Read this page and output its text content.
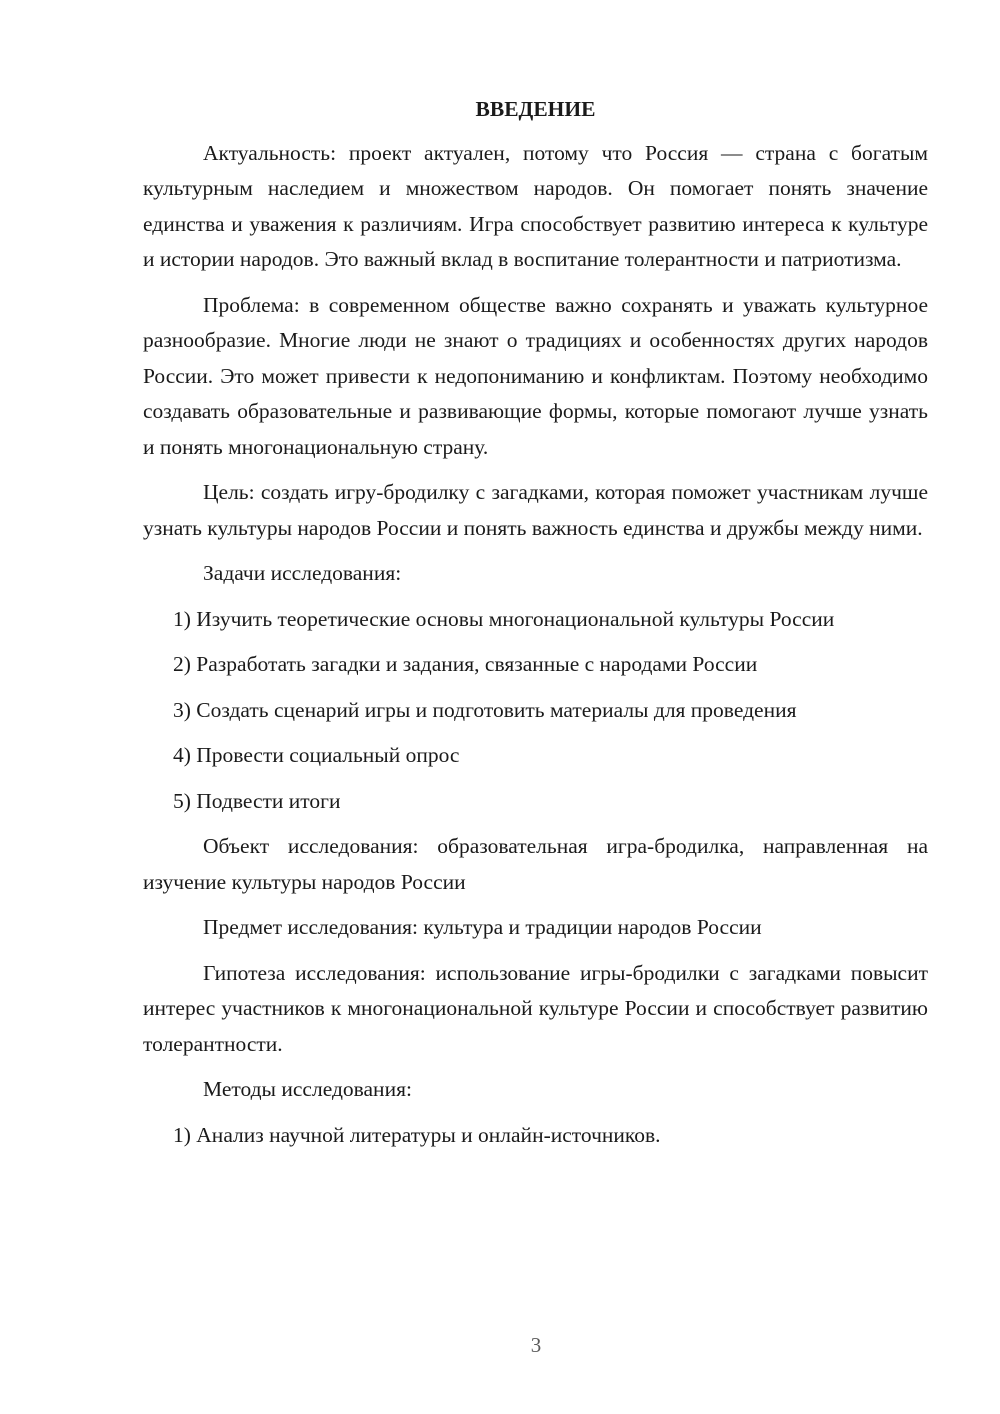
ВВЕДЕНИЕ

Актуальность: проект актуален, потому что Россия — страна с богатым культурным наследием и множеством народов. Он помогает понять значение единства и уважения к различиям. Игра способствует развитию интереса к культуре и истории народов. Это важный вклад в воспитание толерантности и патриотизма.

Проблема: в современном обществе важно сохранять и уважать культурное разнообразие. Многие люди не знают о традициях и особенностях других народов России. Это может привести к недопониманию и конфликтам. Поэтому необходимо создавать образовательные и развивающие формы, которые помогают лучше узнать и понять многонациональную страну.

Цель: создать игру-бродилку с загадками, которая поможет участникам лучше узнать культуры народов России и понять важность единства и дружбы между ними.

Задачи исследования:

1) Изучить теоретические основы многонациональной культуры России

2) Разработать загадки и задания, связанные с народами России

3) Создать сценарий игры и подготовить материалы для проведения

4) Провести социальный опрос

5) Подвести итоги

Объект исследования: образовательная игра-бродилка, направленная на изучение культуры народов России

Предмет исследования: культура и традиции народов России

Гипотеза исследования: использование игры-бродилки с загадками повысит интерес участников к многонациональной культуре России и способствует развитию толерантности.

Методы исследования:

1) Анализ научной литературы и онлайн-источников.

3
